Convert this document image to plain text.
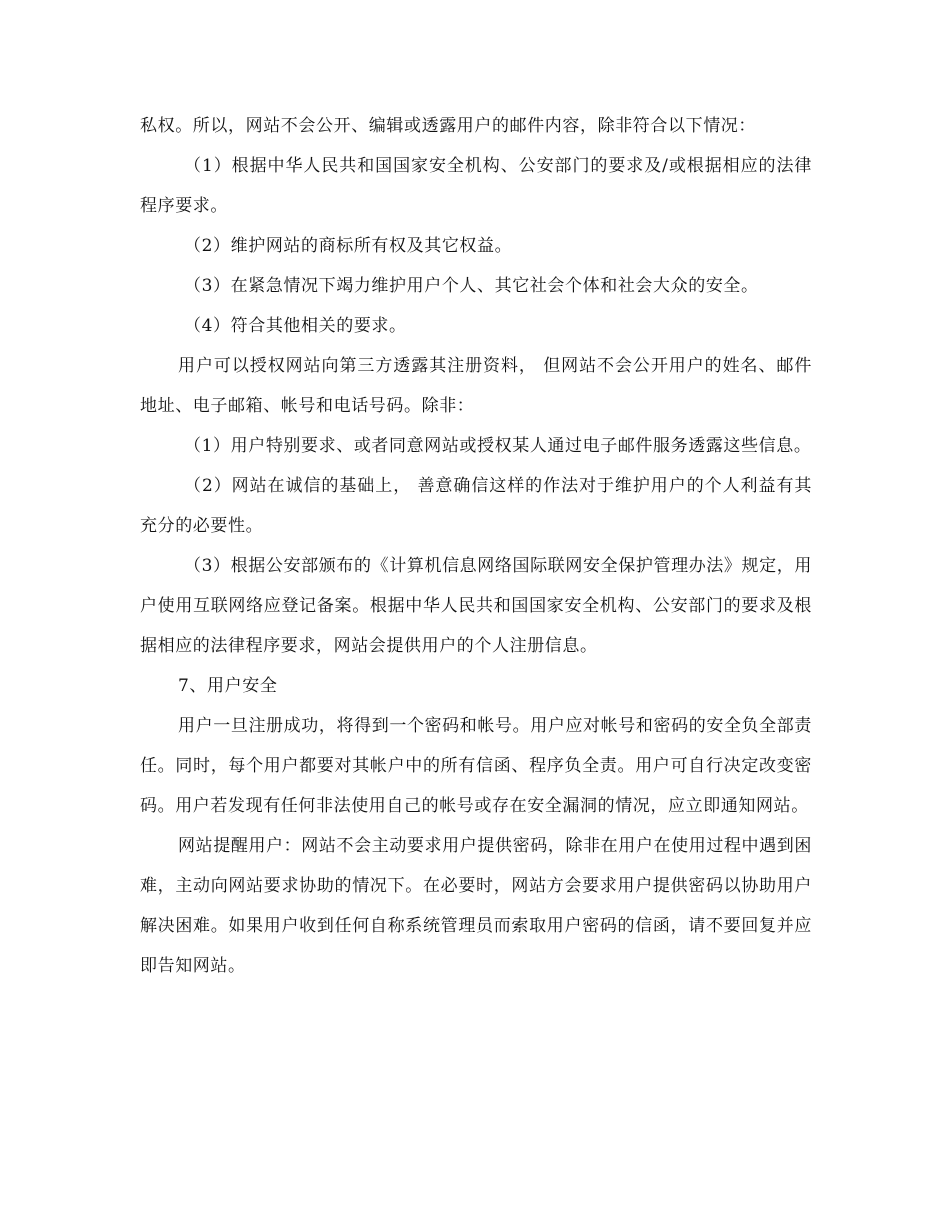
私权。所以，网站不会公开、编辑或透露用户的邮件内容，除非符合以下情况：

（1）根据中华人民共和国国家安全机构、公安部门的要求及/或根据相应的法律程序要求。

（2）维护网站的商标所有权及其它权益。

（3）在紧急情况下竭力维护用户个人、其它社会个体和社会大众的安全。

（4）符合其他相关的要求。

用户可以授权网站向第三方透露其注册资料， 但网站不会公开用户的姓名、邮件地址、电子邮箱、帐号和电话号码。除非：

（1）用户特别要求、或者同意网站或授权某人通过电子邮件服务透露这些信息。

（2）网站在诚信的基础上， 善意确信这样的作法对于维护用户的个人利益有其充分的必要性。

（3）根据公安部颁布的《计算机信息网络国际联网安全保护管理办法》规定，用户使用互联网络应登记备案。根据中华人民共和国国家安全机构、公安部门的要求及根据相应的法律程序要求，网站会提供用户的个人注册信息。

7、用户安全

用户一旦注册成功，将得到一个密码和帐号。用户应对帐号和密码的安全负全部责任。同时，每个用户都要对其帐户中的所有信函、程序负全责。用户可自行决定改变密码。用户若发现有任何非法使用自己的帐号或存在安全漏洞的情况，应立即通知网站。

网站提醒用户：网站不会主动要求用户提供密码，除非在用户在使用过程中遇到困难，主动向网站要求协助的情况下。在必要时，网站方会要求用户提供密码以协助用户解决困难。如果用户收到任何自称系统管理员而索取用户密码的信函，请不要回复并应即告知网站。
